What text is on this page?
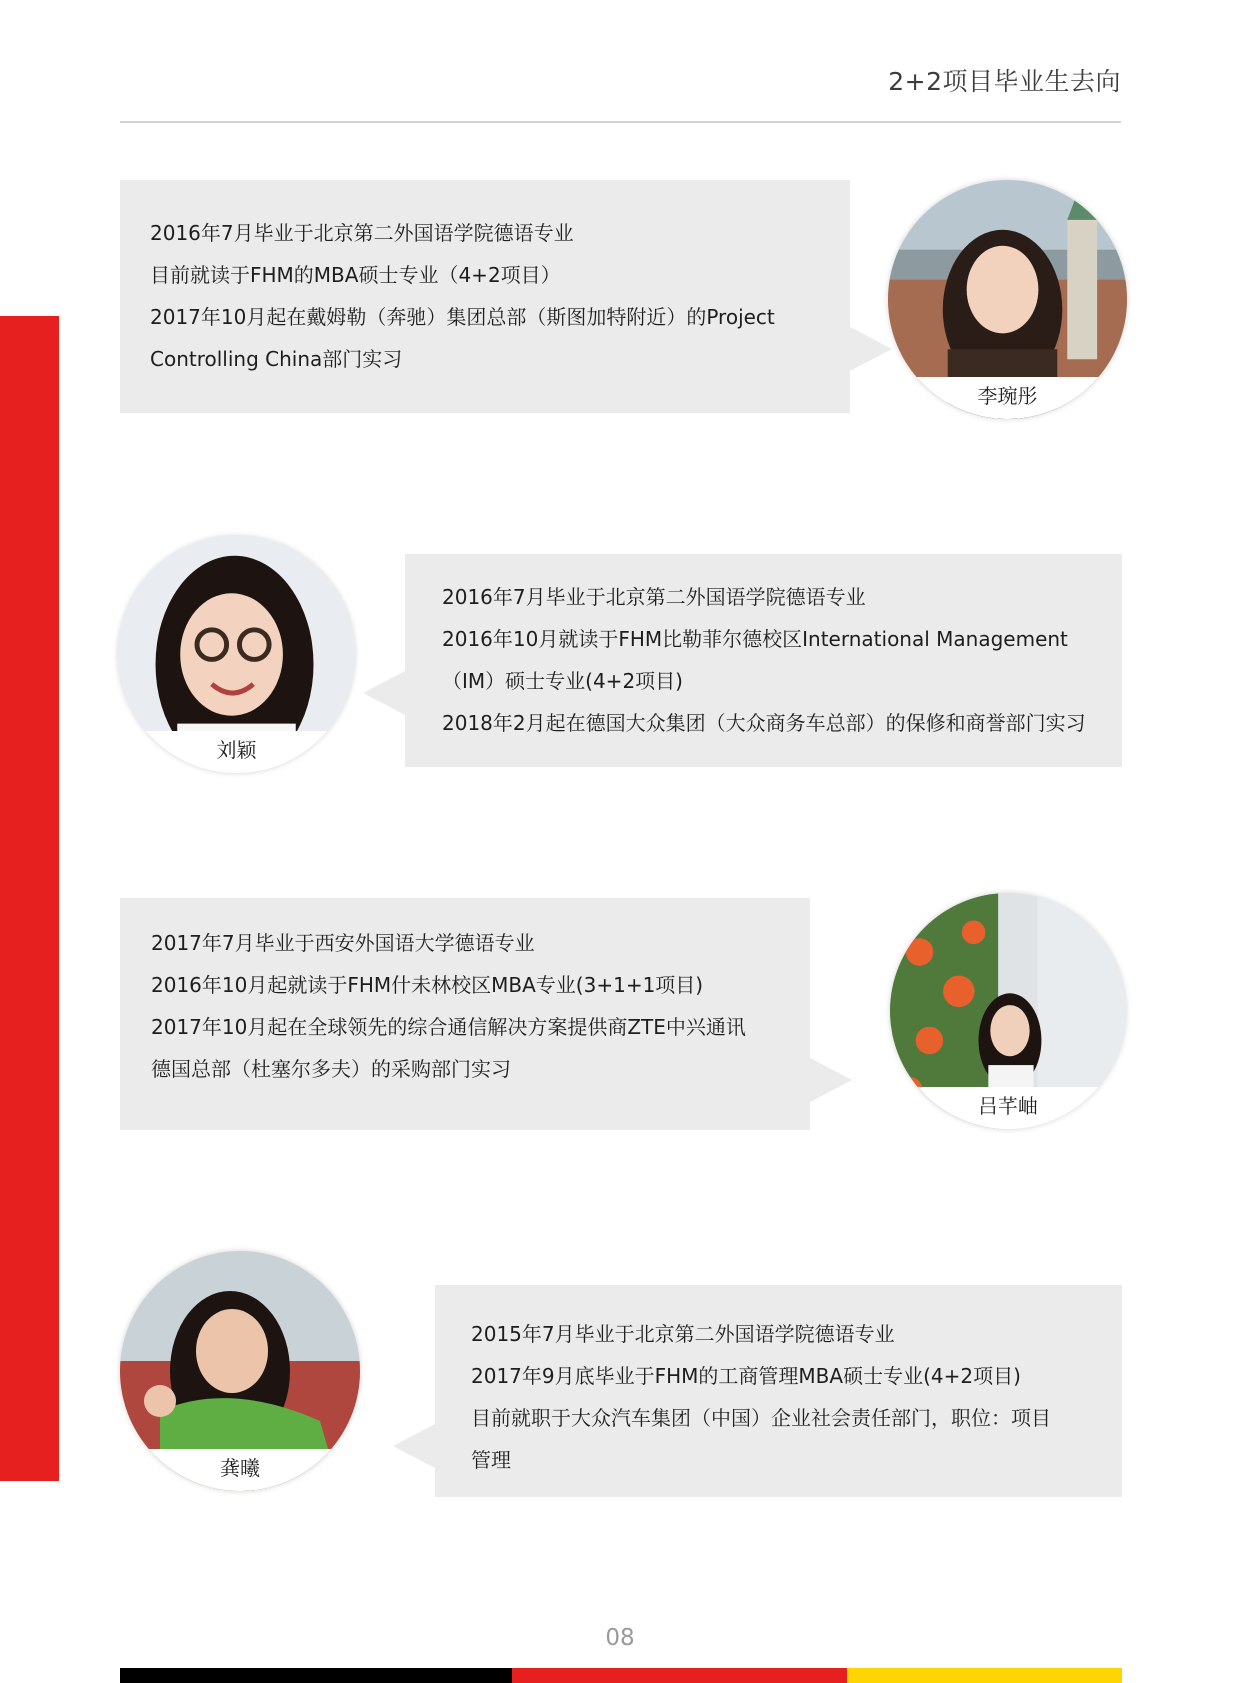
2+2项目毕业生去向
2016年7月毕业于北京第二外国语学院德语专业
目前就读于FHM的MBA硕士专业（4+2项目）
2017年10月起在戴姆勒（奔驰）集团总部（斯图加特附近）的Project
Controlling China部门实习
李琬彤
2016年7月毕业于北京第二外国语学院德语专业
2016年10月就读于FHM比勒菲尔德校区International Management
（IM）硕士专业(4+2项目)
2018年2月起在德国大众集团（大众商务车总部）的保修和商誉部门实习
刘颖
2017年7月毕业于西安外国语大学德语专业
2016年10月起就读于FHM什未林校区MBA专业(3+1+1项目)
2017年10月起在全球领先的综合通信解决方案提供商ZTE中兴通讯
德国总部（杜塞尔多夫）的采购部门实习
吕芊岫
2015年7月毕业于北京第二外国语学院德语专业
2017年9月底毕业于FHM的工商管理MBA硕士专业(4+2项目)
目前就职于大众汽车集团（中国）企业社会责任部门，职位：项目
管理
龚曦
08
